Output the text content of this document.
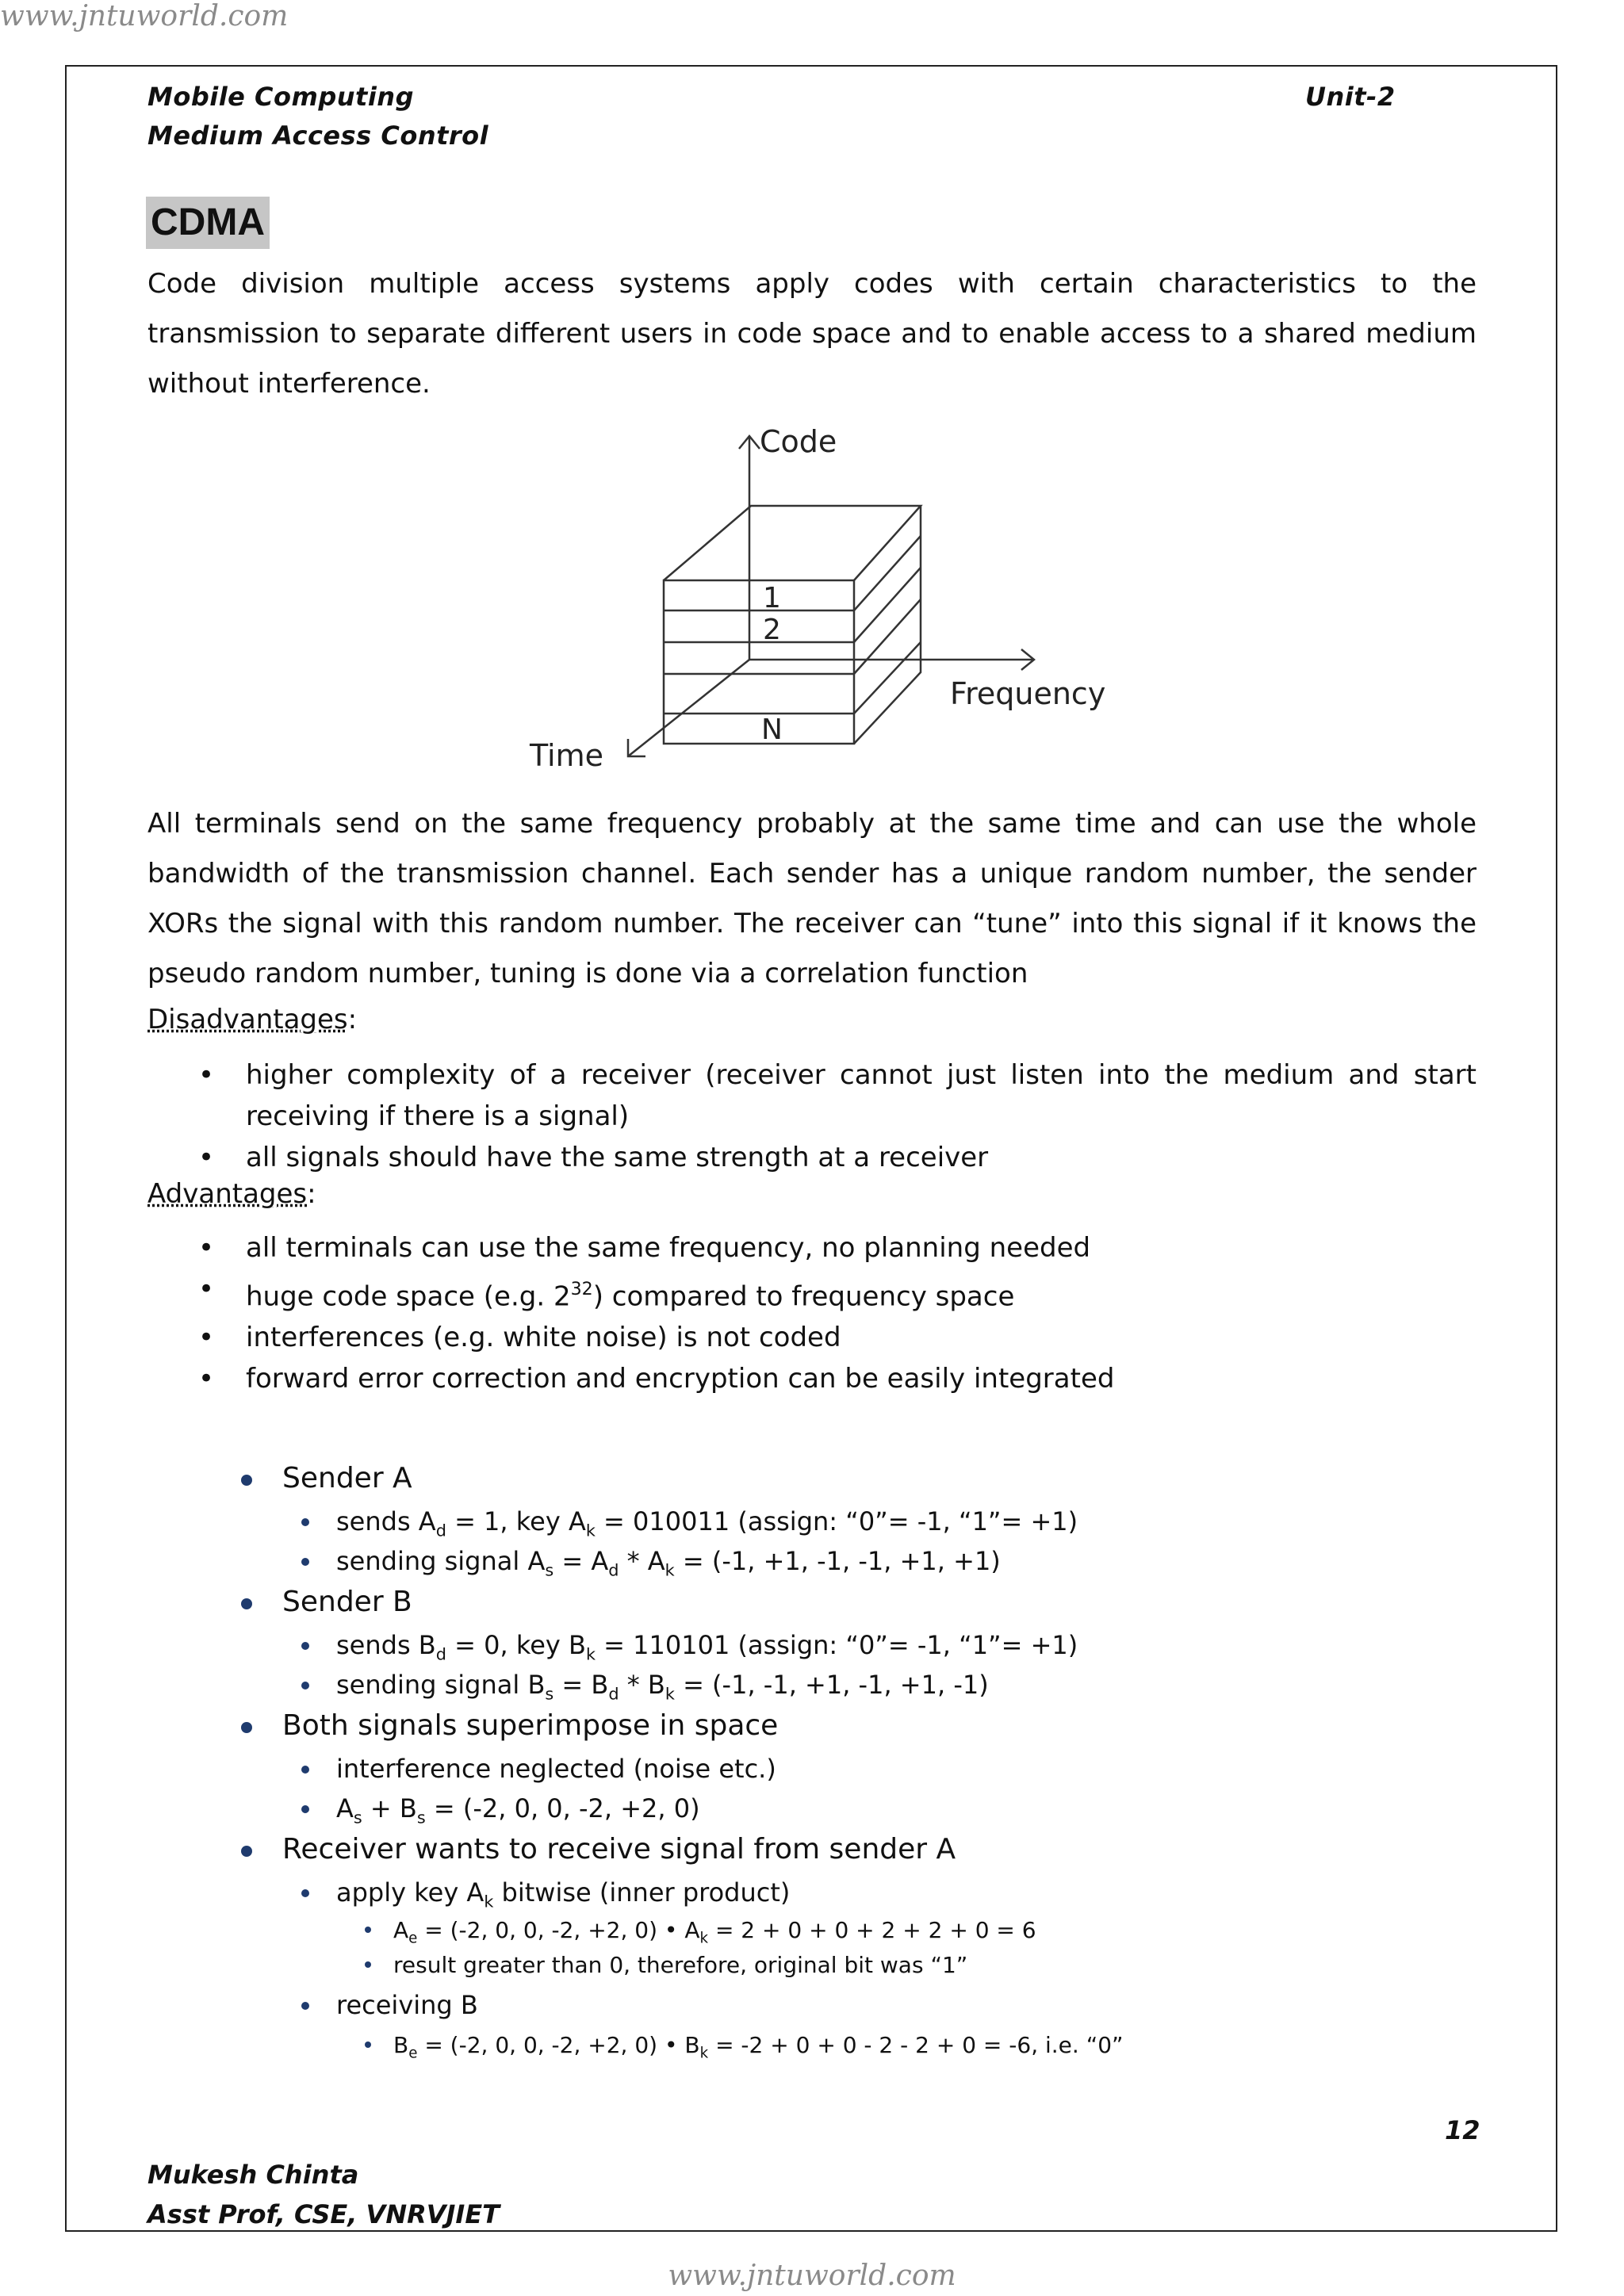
www.jntuworld.com
Mobile Computing
Medium Access Control
Unit-2
CDMA
Code division multiple access systems apply codes with certain characteristics to the transmission to separate different users in code space and to enable access to a shared medium without interference.
Code
Frequency
Time
1
2
N
All terminals send on the same frequency probably at the same time and can use the whole bandwidth of the transmission channel. Each sender has a unique random number, the sender XORs the signal with this random number. The receiver can “tune” into this signal if it knows the pseudo random number, tuning is done via a correlation function
Disadvantages:
• higher complexity of a receiver (receiver cannot just listen into the medium and start receiving if there is a signal)
• all signals should have the same strength at a receiver
Advantages:
• all terminals can use the same frequency, no planning needed
• huge code space (e.g. $2^{32}$) compared to frequency space
• interferences (e.g. white noise) is not coded
• forward error correction and encryption can be easily integrated
Sender A
sends $A_d = 1$, key $A_k = 010011$ (assign: “0”= -1, “1”= +1)
sending signal $A_s = A_d * A_k = (-1$, +1, -1, -1, +1, +1)
Sender B
sends $B_d = 0$, key $B_k = 110101$ (assign: “0”= -1, “1”= +1)
sending signal $B_s = B_d * B_k = (-1$, -1, +1, -1, +1, -1)
Both signals superimpose in space
interference neglected (noise etc.)
$A_s + B_s = (-2$, 0, 0, -2, +2, 0)
Receiver wants to receive signal from sender A
apply key $A_k$ bitwise (inner product)
$A_e = (-2$, 0, 0, -2, +2, 0) • $A_k = 2 + 0 + 0 + 2 + 2 + 0 = 6$
result greater than 0, therefore, original bit was “1”
receiving B
$B_e = (-2$, 0, 0, -2, +2, 0) • $B_k = -2 + 0 + 0 - 2 - 2 + 0 = -6$, i.e. “0”
12
Mukesh Chinta
Asst Prof, CSE, VNRVJIET
www.jntuworld.com
